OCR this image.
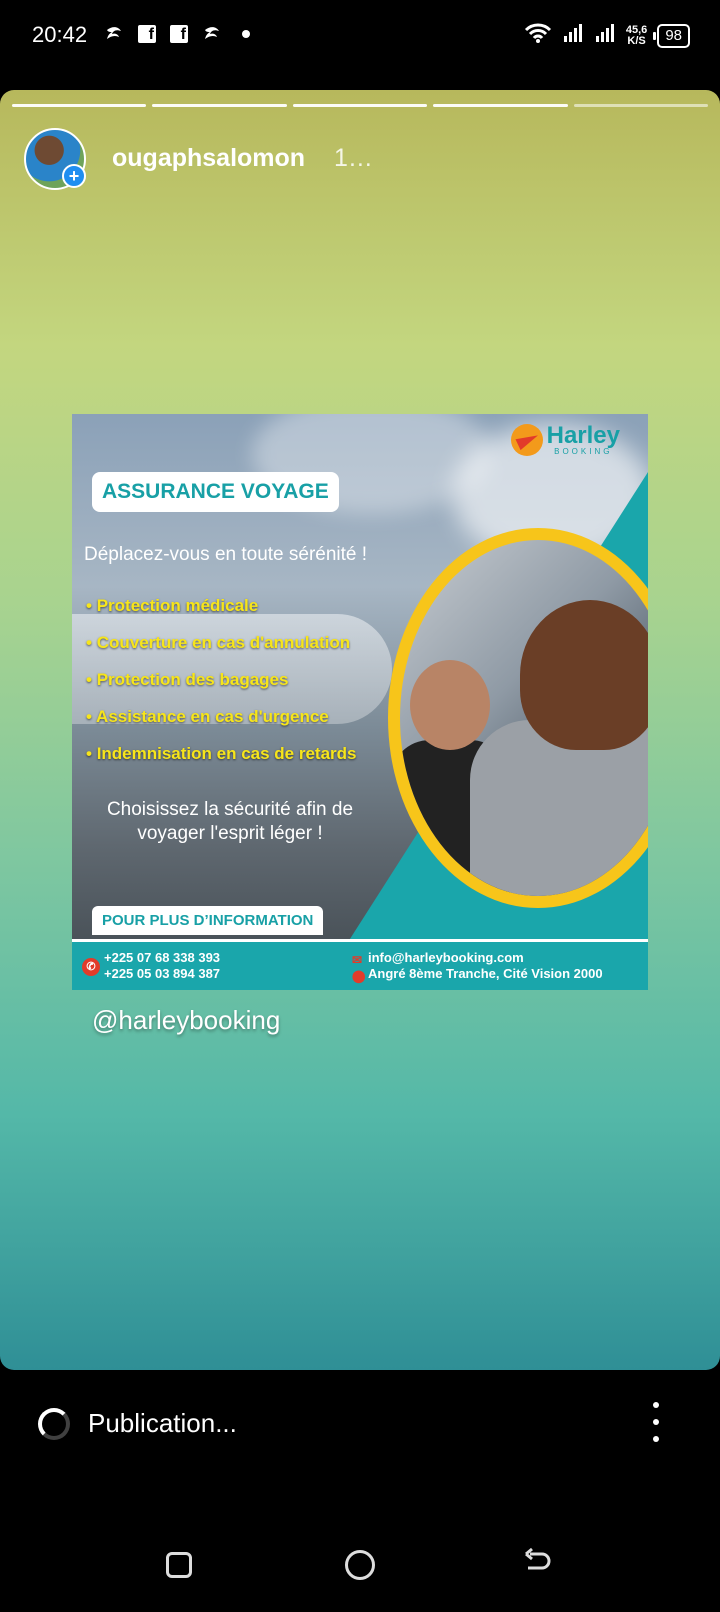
20:42	f	f	45,6
K/S	98
+
ougaphsalomon 1…
Harley
BOOKING
ASSURANCE VOYAGE
Déplacez-vous en toute sérénité !
• Protection médicale
• Couverture en cas d'annulation
• Protection des bagages
• Assistance en cas d'urgence
• Indemnisation en cas de retards
Choisissez la sécurité afin de
voyager l'esprit léger !
POUR PLUS D’INFORMATION
✆
+225 07 68 338 393
+225 05 03 894 387
✉
⬤
info@harleybooking.com
Angré 8ème Tranche, Cité Vision 2000
@harleybooking
Publication...
